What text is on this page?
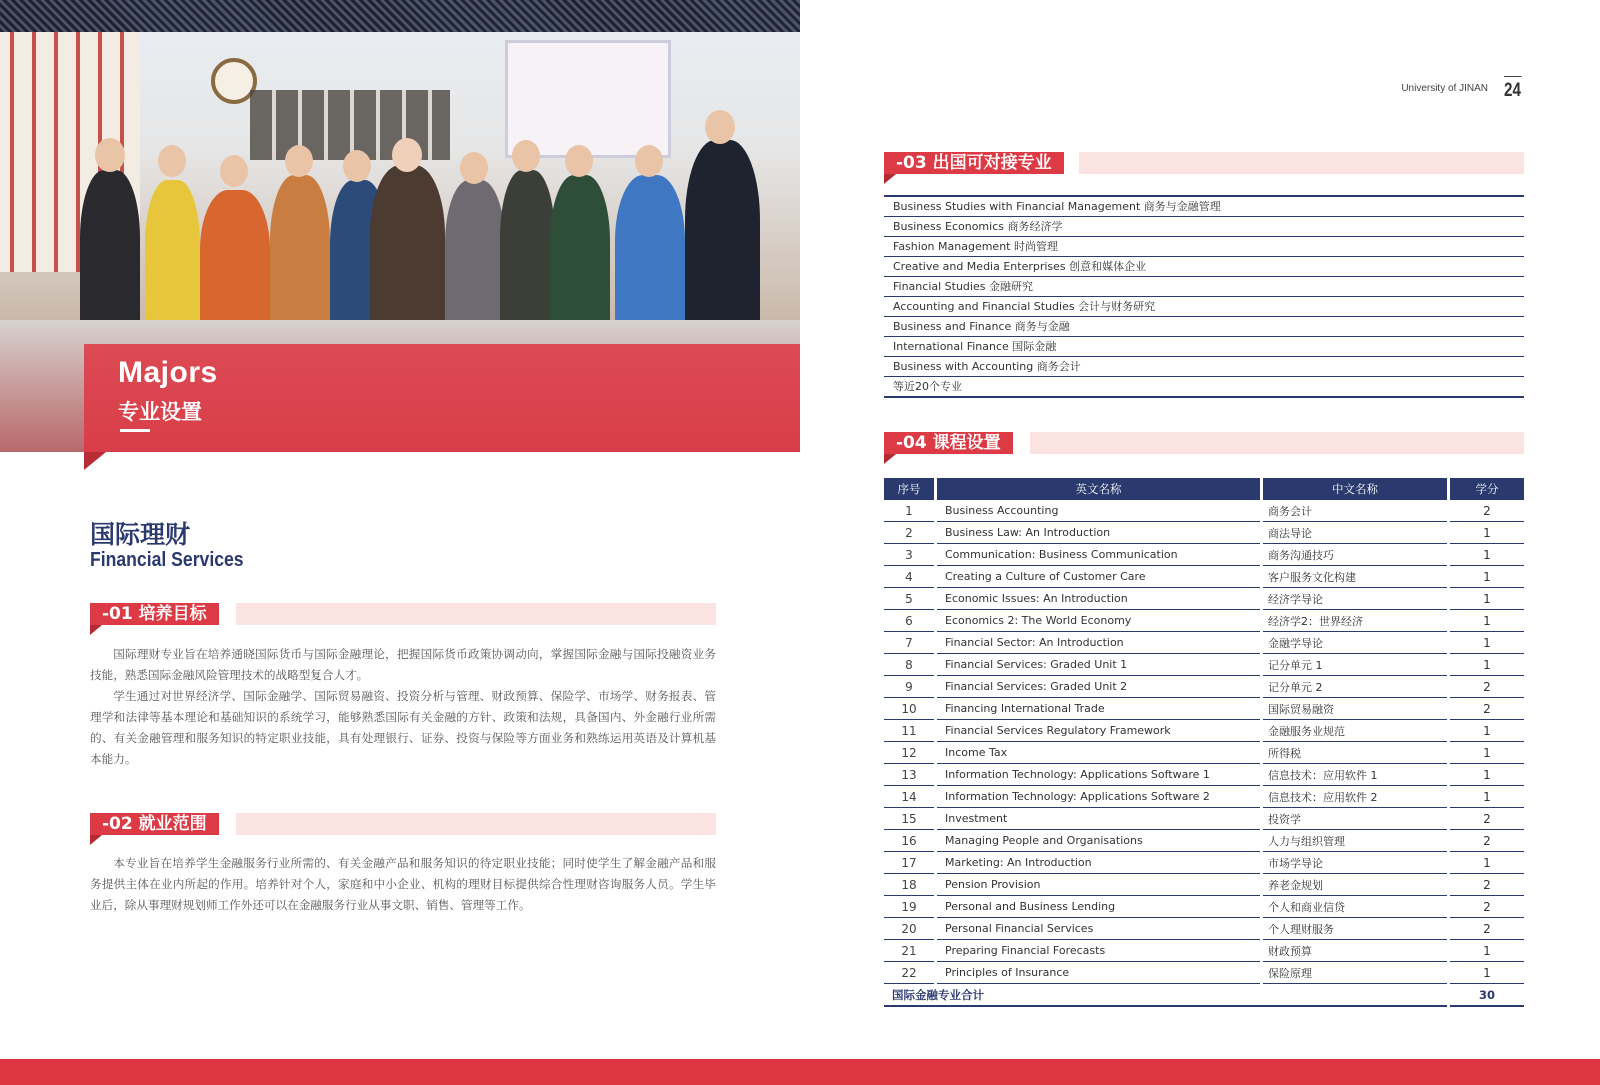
Majors
专业设置
国际理财
Financial Services
-01 培养目标

国际理财专业旨在培养通晓国际货币与国际金融理论，把握国际货币政策协调动向，掌握国际金融与国际投融资业务技能，熟悉国际金融风险管理技术的战略型复合人才。

学生通过对世界经济学、国际金融学、国际贸易融资、投资分析与管理、财政预算、保险学、市场学、财务报表、管理学和法律等基本理论和基础知识的系统学习，能够熟悉国际有关金融的方针、政策和法规，具备国内、外金融行业所需的、有关金融管理和服务知识的特定职业技能，具有处理银行、证券、投资与保险等方面业务和熟练运用英语及计算机基本能力。

-02 就业范围

本专业旨在培养学生金融服务行业所需的、有关金融产品和服务知识的待定职业技能；同时使学生了解金融产品和服务提供主体在业内所起的作用。培养针对个人，家庭和中小企业、机构的理财目标提供综合性理财咨询服务人员。学生毕业后，除从事理财规划师工作外还可以在金融服务行业从事文职、销售、管理等工作。

University of JINAN 24
-03 出国可对接专业
Business Studies with Financial Management 商务与金融管理
Business Economics 商务经济学
Fashion Management 时尚管理
Creative and Media Enterprises 创意和媒体企业
Financial Studies 金融研究
Accounting and Financial Studies 会计与财务研究
Business and Finance 商务与金融
International Finance 国际金融
Business with Accounting 商务会计
等近20个专业
-04 课程设置
序号	英文名称	中文名称	学分
1	Business Accounting	商务会计	2
2	Business Law: An Introduction	商法导论	1
3	Communication: Business Communication	商务沟通技巧	1
4	Creating a Culture of Customer Care	客户服务文化构建	1
5	Economic Issues: An Introduction	经济学导论	1
6	Economics 2: The World Economy	经济学2：世界经济	1
7	Financial Sector: An Introduction	金融学导论	1
8	Financial Services: Graded Unit 1	记分单元 1	1
9	Financial Services: Graded Unit 2	记分单元 2	2
10	Financing International Trade	国际贸易融资	2
11	Financial Services Regulatory Framework	金融服务业规范	1
12	Income Tax	所得税	1
13	Information Technology: Applications Software 1	信息技术：应用软件 1	1
14	Information Technology: Applications Software 2	信息技术：应用软件 2	1
15	Investment	投资学	2
16	Managing People and Organisations	人力与组织管理	2
17	Marketing: An Introduction	市场学导论	1
18	Pension Provision	养老金规划	2
19	Personal and Business Lending	个人和商业信贷	2
20	Personal Financial Services	个人理财服务	2
21	Preparing Financial Forecasts	财政预算	1
22	Principles of Insurance	保险原理	1
国际金融专业合计			30
